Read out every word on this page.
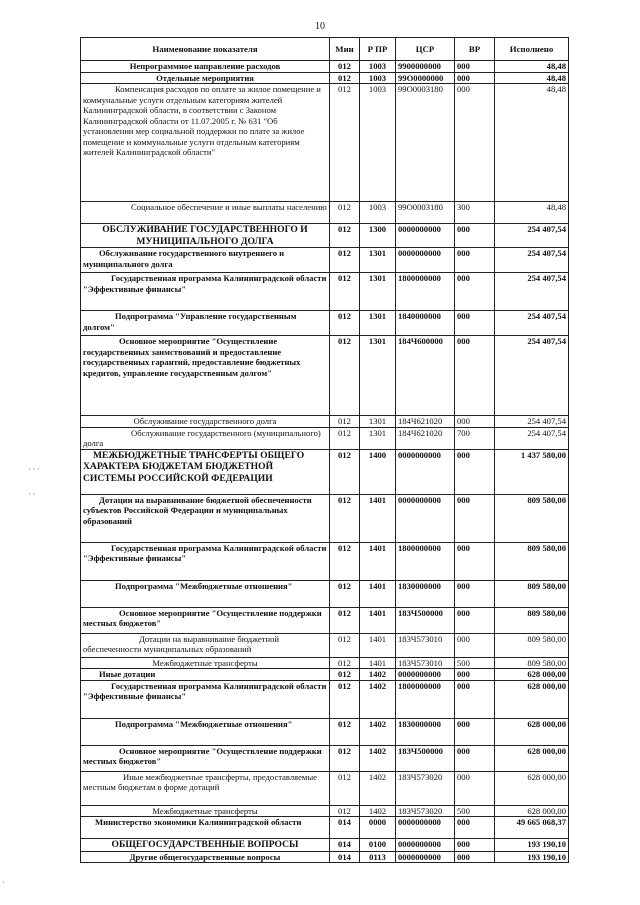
10
Наименование показателя	Мин	Р ПР	ЦСР	ВР	Исполнено
Непрограммное направление расходов	012	1003	9900000000	000	48,48
Отдельные мероприятия	012	1003	99O0000000	000	48,48
Компенсация расходов по оплате за жилое помещение и коммунальные услуги отдельным категориям жителей Калининградской области, в соответствии с Законом Калининградской области от 11.07.2005 г. № 631 "Об установлении мер социальной поддержки по плате за жилое помещение и коммунальные услуги отдельным категориям жителей Калининградской области"	012	1003	99O0003180	000	48,48
Социальное обеспечение и иные выплаты населению	012	1003	99O0003180	300	48,48
ОБСЛУЖИВАНИЕ ГОСУДАРСТВЕННОГО И МУНИЦИПАЛЬНОГО ДОЛГА	012	1300	0000000000	000	254 407,54
Обслуживание государственного внутреннего и муниципального долга	012	1301	0000000000	000	254 407,54
Государственная программа Калининградской области "Эффективные финансы"	012	1301	1800000000	000	254 407,54
Подпрограмма "Управление государственным долгом"	012	1301	1840000000	000	254 407,54
Основное мероприятие "Осуществление государственных заимствований и предоставление государственных гарантий, предоставление бюджетных кредитов, управление государственным долгом"	012	1301	184Ч600000	000	254 407,54
Обслуживание государственного долга	012	1301	184Ч621020	000	254 407,54
Обслуживание государственного (муниципального) долга	012	1301	184Ч621020	700	254 407,54
МЕЖБЮДЖЕТНЫЕ ТРАНСФЕРТЫ ОБЩЕГО ХАРАКТЕРА БЮДЖЕТАМ БЮДЖЕТНОЙ СИСТЕМЫ РОССИЙСКОЙ ФЕДЕРАЦИИ	012	1400	0000000000	000	1 437 580,00
Дотации на выравнивание бюджетной обеспеченности субъектов Российской Федерации и муниципальных образований	012	1401	0000000000	000	809 580,00
Государственная программа Калининградской области "Эффективные финансы"	012	1401	1800000000	000	809 580,00
Подпрограмма "Межбюджетные отношения"	012	1401	1830000000	000	809 580,00
Основное мероприятие "Осуществление поддержки местных бюджетов"	012	1401	183Ч500000	000	809 580,00
Дотации на выравнивание бюджетной обеспеченности муниципальных образований	012	1401	183Ч573010	000	809 580,00
Межбюджетные трансферты	012	1401	183Ч573010	500	809 580,00
Иные дотации	012	1402	0000000000	000	628 000,00
Государственная программа Калининградской области "Эффективные финансы"	012	1402	1800000000	000	628 000,00
Подпрограмма "Межбюджетные отношения"	012	1402	1830000000	000	628 000,00
Основное мероприятие "Осуществление поддержки местных бюджетов"	012	1402	183Ч500000	000	628 000,00
Иные межбюджетные трансферты, предоставляемые местным бюджетам в форме дотаций	012	1402	183Ч573020	000	628 000,00
Межбюджетные трансферты	012	1402	183Ч573020	500	628 000,00
Министерство экономики Калининградской области	014	0000	0000000000	000	49 665 068,37
ОБЩЕГОСУДАРСТВЕННЫЕ ВОПРОСЫ	014	0100	0000000000	000	193 190,10
Другие общегосударственные вопросы	014	0113	0000000000	000	193 190,10
· · ·
· ·
·
